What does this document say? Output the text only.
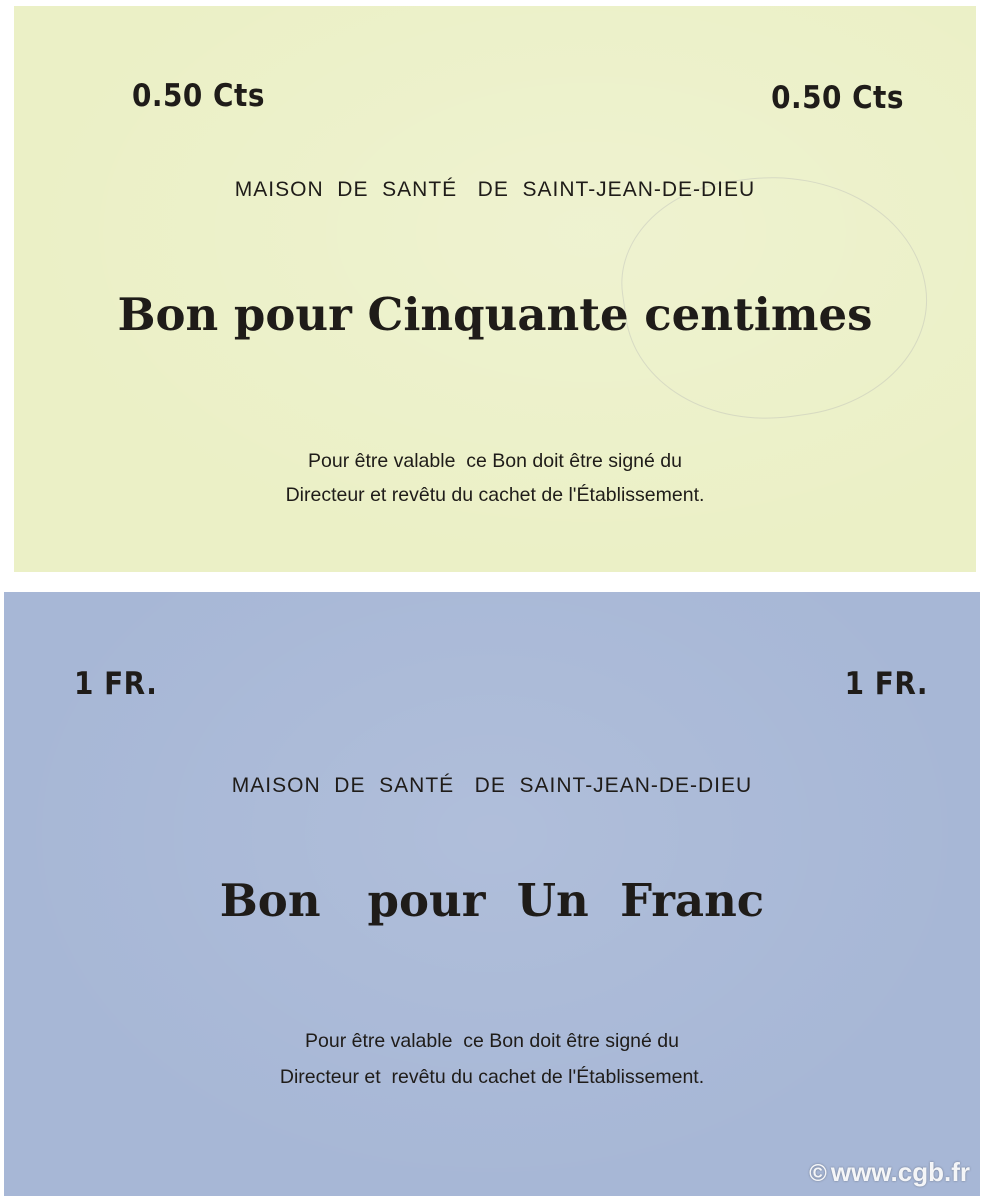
0.50 Cts	0.50 Cts
MAISON  DE  SANTÉ   DE  SAINT-JEAN-DE-DIEU
Bon pour Cinquante centimes
Pour être valable  ce Bon doit être signé du
Directeur et revêtu du cachet de l'Établissement.
1 FR.	1 FR.
MAISON  DE  SANTÉ   DE  SAINT-JEAN-DE-DIEU
Bon   pour  Un  Franc
Pour être valable  ce Bon doit être signé du
Directeur et  revêtu du cachet de l'Établissement.
© www.cgb.fr
